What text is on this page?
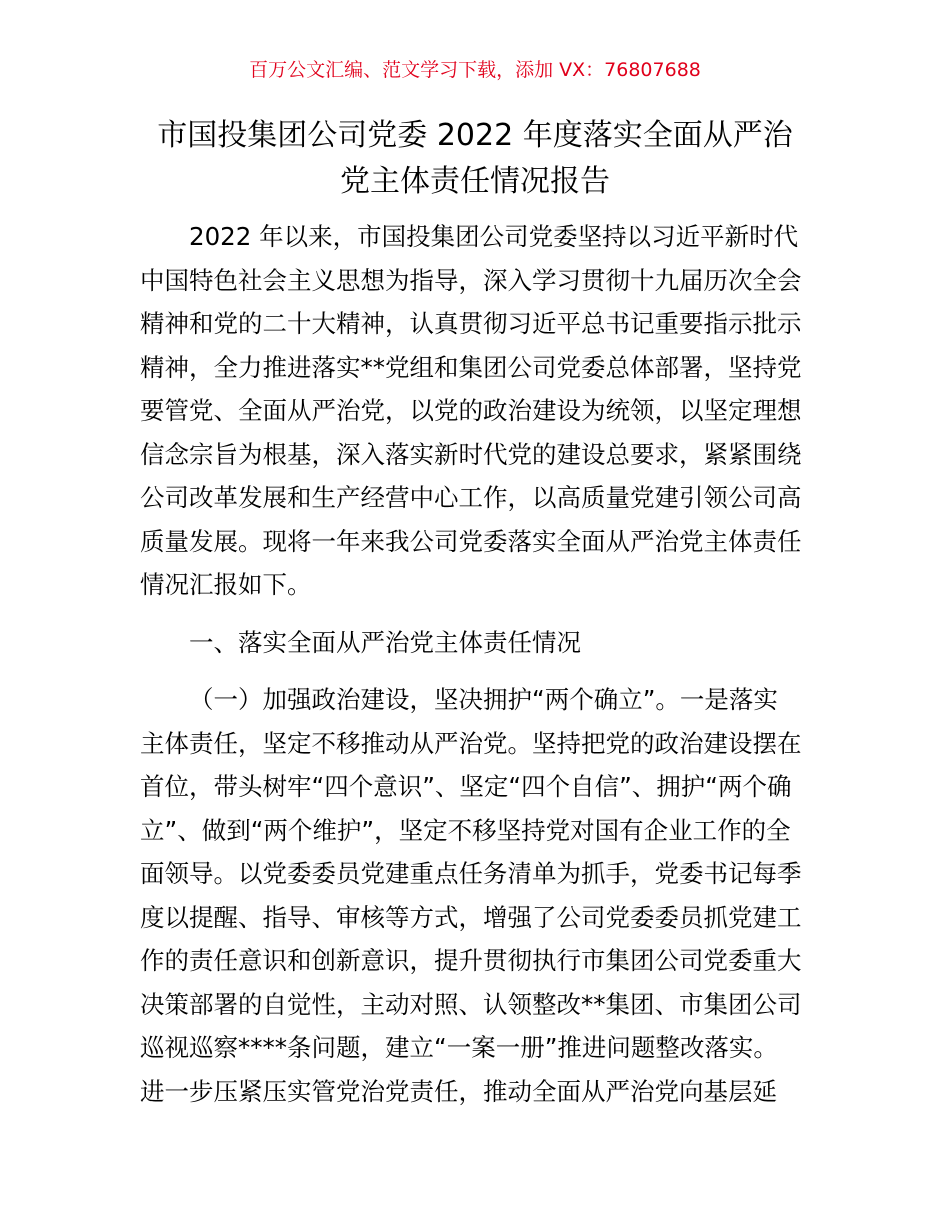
百万公文汇编、范文学习下载，添加 VX：76807688
市国投集团公司党委 2022 年度落实全面从严治
党主体责任情况报告
2022 年以来，市国投集团公司党委坚持以习近平新时代
中国特色社会主义思想为指导，深入学习贯彻十九届历次全会
精神和党的二十大精神，认真贯彻习近平总书记重要指示批示
精神，全力推进落实**党组和集团公司党委总体部署，坚持党
要管党、全面从严治党，以党的政治建设为统领，以坚定理想
信念宗旨为根基，深入落实新时代党的建设总要求，紧紧围绕
公司改革发展和生产经营中心工作，以高质量党建引领公司高
质量发展。现将一年来我公司党委落实全面从严治党主体责任
情况汇报如下。
一、落实全面从严治党主体责任情况
（一）加强政治建设，坚决拥护“两个确立”。一是落实
主体责任，坚定不移推动从严治党。坚持把党的政治建设摆在
首位，带头树牢“四个意识”、坚定“四个自信”、拥护“两个确
立”、做到“两个维护”，坚定不移坚持党对国有企业工作的全
面领导。以党委委员党建重点任务清单为抓手，党委书记每季
度以提醒、指导、审核等方式，增强了公司党委委员抓党建工
作的责任意识和创新意识，提升贯彻执行市集团公司党委重大
决策部署的自觉性，主动对照、认领整改**集团、市集团公司
巡视巡察****条问题，建立“一案一册”推进问题整改落实。
进一步压紧压实管党治党责任，推动全面从严治党向基层延
